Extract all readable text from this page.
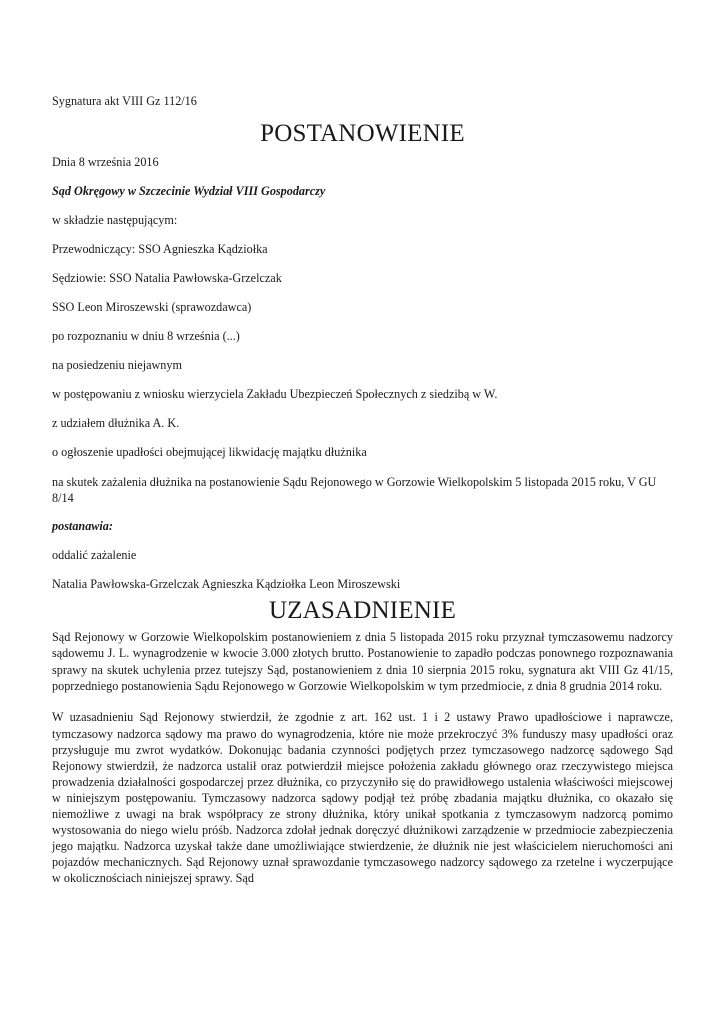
Sygnatura akt VIII Gz 112/16

POSTANOWIENIE

Dnia 8 września 2016

Sąd Okręgowy w Szczecinie Wydział VIII Gospodarczy

w składzie następującym:

Przewodniczący: SSO Agnieszka Kądziołka

Sędziowie: SSO Natalia Pawłowska-Grzelczak

SSO Leon Miroszewski (sprawozdawca)

po rozpoznaniu w dniu 8 września (...)

na posiedzeniu niejawnym

w postępowaniu z wniosku wierzyciela Zakładu Ubezpieczeń Społecznych z siedzibą w W.

z udziałem dłużnika A. K.

o ogłoszenie upadłości obejmującej likwidację majątku dłużnika

na skutek zażalenia dłużnika na postanowienie Sądu Rejonowego w Gorzowie Wielkopolskim 5 listopada 2015 roku, V GU 8/14

postanawia:

oddalić zażalenie

Natalia Pawłowska-Grzelczak Agnieszka Kądziołka Leon Miroszewski

UZASADNIENIE

Sąd Rejonowy w Gorzowie Wielkopolskim postanowieniem z dnia 5 listopada 2015 roku przyznał tymczasowemu nadzorcy sądowemu J. L. wynagrodzenie w kwocie 3.000 złotych brutto. Postanowienie to zapadło podczas ponownego rozpoznawania sprawy na skutek uchylenia przez tutejszy Sąd, postanowieniem z dnia 10 sierpnia 2015 roku, sygnatura akt VIII Gz 41/15, poprzedniego postanowienia Sądu Rejonowego w Gorzowie Wielkopolskim w tym przedmiocie, z dnia 8 grudnia 2014 roku.

W uzasadnieniu Sąd Rejonowy stwierdził, że zgodnie z art. 162 ust. 1 i 2 ustawy Prawo upadłościowe i naprawcze, tymczasowy nadzorca sądowy ma prawo do wynagrodzenia, które nie może przekroczyć 3% funduszy masy upadłości oraz przysługuje mu zwrot wydatków. Dokonując badania czynności podjętych przez tymczasowego nadzorcę sądowego Sąd Rejonowy stwierdził, że nadzorca ustalił oraz potwierdził miejsce położenia zakładu głównego oraz rzeczywistego miejsca prowadzenia działalności gospodarczej przez dłużnika, co przyczyniło się do prawidłowego ustalenia właściwości miejscowej w niniejszym postępowaniu. Tymczasowy nadzorca sądowy podjął też próbę zbadania majątku dłużnika, co okazało się niemożliwe z uwagi na brak współpracy ze strony dłużnika, który unikał spotkania z tymczasowym nadzorcą pomimo wystosowania do niego wielu próśb. Nadzorca zdołał jednak doręczyć dłużnikowi zarządzenie w przedmiocie zabezpieczenia jego majątku. Nadzorca uzyskał także dane umożliwiające stwierdzenie, że dłużnik nie jest właścicielem nieruchomości ani pojazdów mechanicznych. Sąd Rejonowy uznał sprawozdanie tymczasowego nadzorcy sądowego za rzetelne i wyczerpujące w okolicznościach niniejszej sprawy. Sąd
